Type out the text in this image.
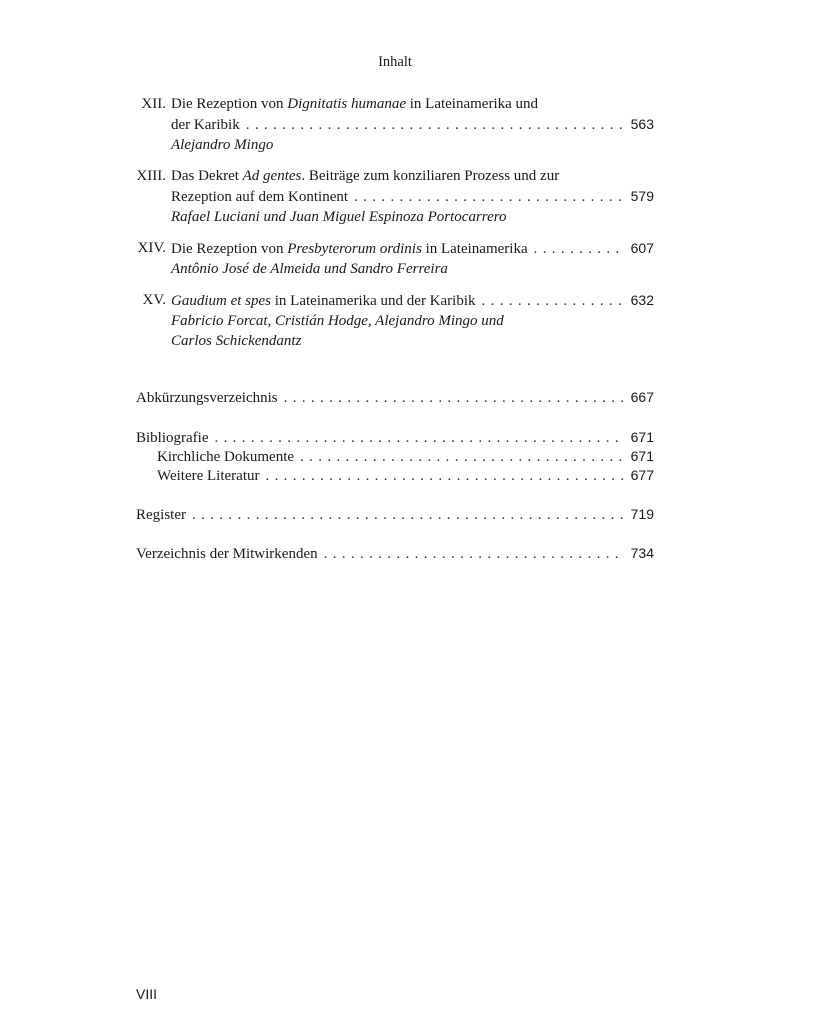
Inhalt
XII. Die Rezeption von Dignitatis humanae in Lateinamerika und
der Karibik . . .	563
Alejandro Mingo
XIII. Das Dekret Ad gentes. Beiträge zum konziliaren Prozess und zur
Rezeption auf dem Kontinent . . .	579
Rafael Luciani und Juan Miguel Espinoza Portocarrero
XIV. Die Rezeption von Presbyterorum ordinis in Lateinamerika . . .	607
Antônio José de Almeida und Sandro Ferreira
XV. Gaudium et spes in Lateinamerika und der Karibik . . .	632
Fabricio Forcat, Cristián Hodge, Alejandro Mingo und
Carlos Schickendantz
Abkürzungsverzeichnis . . .	667
Bibliografie . . .	671
Kirchliche Dokumente . . .	671
Weitere Literatur . . .	677
Register . . .	719
Verzeichnis der Mitwirkenden . . .	734
VIII
